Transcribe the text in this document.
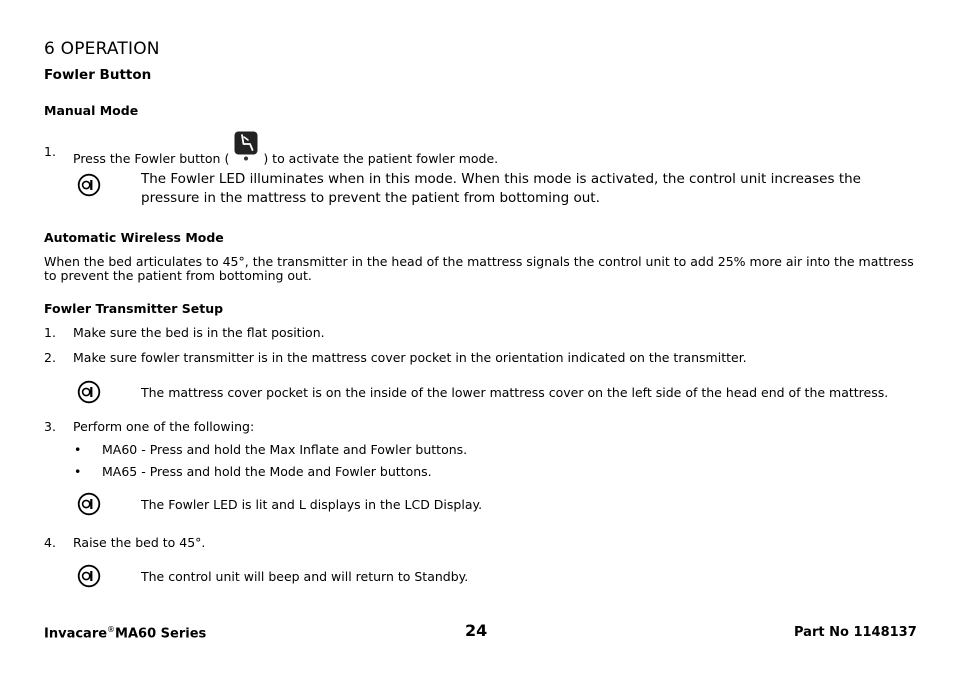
6 OPERATION
Fowler Button
Manual Mode
1. Press the Fowler button (	) to activate the patient fowler mode.
The Fowler LED illuminates when in this mode. When this mode is activated, the control unit increases the pressure in the mattress to prevent the patient from bottoming out.
Automatic Wireless Mode
When the bed articulates to 45°, the transmitter in the head of the mattress signals the control unit to add 25% more air into the mattress to prevent the patient from bottoming out.
Fowler Transmitter Setup
1. Make sure the bed is in the flat position.
2. Make sure fowler transmitter is in the mattress cover pocket in the orientation indicated on the transmitter.
The mattress cover pocket is on the inside of the lower mattress cover on the left side of the head end of the mattress.
3. Perform one of the following:
• MA60 - Press and hold the Max Inflate and Fowler buttons.
• MA65 - Press and hold the Mode and Fowler buttons.
The Fowler LED is lit and L displays in the LCD Display.
4. Raise the bed to 45°.
The control unit will beep and will return to Standby.
Invacare®MA60 Series	24	Part No 1148137
